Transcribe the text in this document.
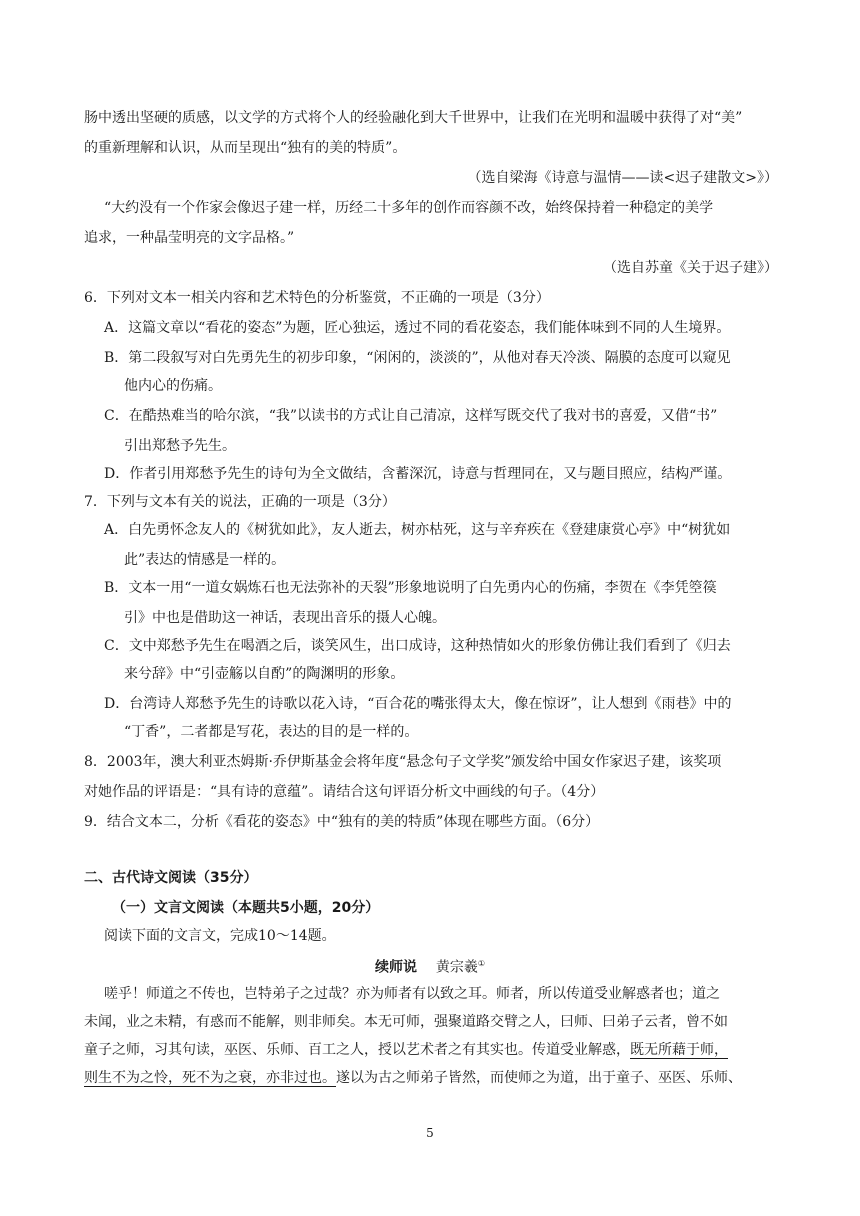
肠中透出坚硬的质感，以文学的方式将个人的经验融化到大千世界中，让我们在光明和温暖中获得了对“美”
的重新理解和认识，从而呈现出“独有的美的特质”。
（选自梁海《诗意与温情——读<迟子建散文>》）
“大约没有一个作家会像迟子建一样，历经二十多年的创作而容颜不改，始终保持着一种稳定的美学
追求，一种晶莹明亮的文字品格。”
（选自苏童《关于迟子建》）
6．下列对文本一相关内容和艺术特色的分析鉴赏，不正确的一项是（3分）
A．这篇文章以“看花的姿态”为题，匠心独运，透过不同的看花姿态，我们能体味到不同的人生境界。
B．第二段叙写对白先勇先生的初步印象，“闲闲的，淡淡的”，从他对春天冷淡、隔膜的态度可以窥见
他内心的伤痛。
C．在酷热难当的哈尔滨，“我”以读书的方式让自己清凉，这样写既交代了我对书的喜爱，又借“书”
引出郑愁予先生。
D．作者引用郑愁予先生的诗句为全文做结，含蓄深沉，诗意与哲理同在，又与题目照应，结构严谨。
7．下列与文本有关的说法，正确的一项是（3分）
A．白先勇怀念友人的《树犹如此》，友人逝去，树亦枯死，这与辛弃疾在《登建康赏心亭》中“树犹如
此”表达的情感是一样的。
B．文本一用“一道女娲炼石也无法弥补的天裂”形象地说明了白先勇内心的伤痛，李贺在《李凭箜篌
引》中也是借助这一神话，表现出音乐的摄人心魄。
C．文中郑愁予先生在喝酒之后，谈笑风生，出口成诗，这种热情如火的形象仿佛让我们看到了《归去
来兮辞》中“引壶觞以自酌”的陶渊明的形象。
D．台湾诗人郑愁予先生的诗歌以花入诗，“百合花的嘴张得太大，像在惊讶”，让人想到《雨巷》中的
“丁香”，二者都是写花，表达的目的是一样的。
8．2003年，澳大利亚杰姆斯·乔伊斯基金会将年度“悬念句子文学奖”颁发给中国女作家迟子建，该奖项
对她作品的评语是：“具有诗的意蕴”。请结合这句评语分析文中画线的句子。（4分）
9．结合文本二，分析《看花的姿态》中“独有的美的特质”体现在哪些方面。（6分）
二、古代诗文阅读（35分）
（一）文言文阅读（本题共5小题，20分）
阅读下面的文言文，完成10～14题。
续师说 黄宗羲①
嗟乎！师道之不传也，岂特弟子之过哉？亦为师者有以致之耳。师者，所以传道受业解惑者也；道之
未闻，业之未精，有惑而不能解，则非师矣。本无可师，强聚道路交臂之人，曰师、曰弟子云者，曾不如
童子之师，习其句读，巫医、乐师、百工之人，授以艺术者之有其实也。传道受业解惑，既无所藉于师，
则生不为之怜，死不为之衰，亦非过也。遂以为古之师弟子皆然，而使师之为道，出于童子、巫医、乐师、
5
